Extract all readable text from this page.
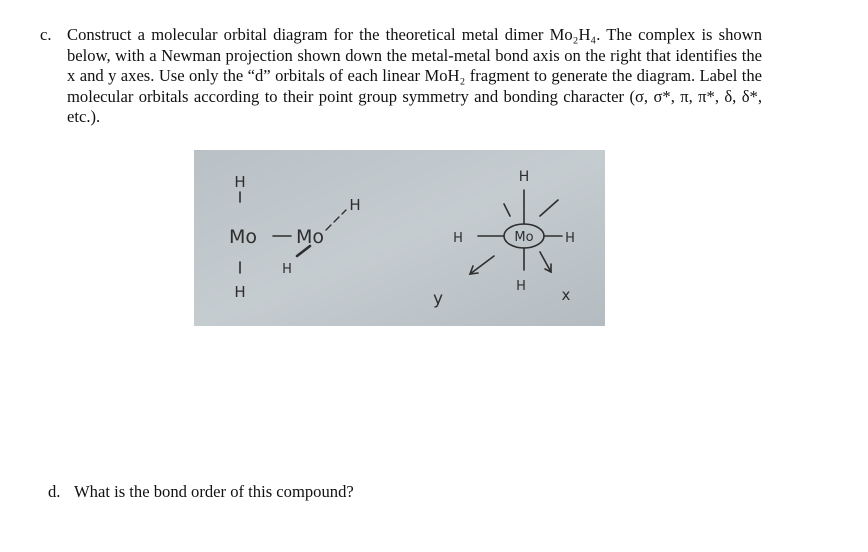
c. Construct a molecular orbital diagram for the theoretical metal dimer Mo₂H₄. The complex is shown below, with a Newman projection shown down the metal-metal bond axis on the right that identifies the x and y axes. Use only the “d” orbitals of each linear MoH₂ fragment to generate the diagram. Label the molecular orbitals according to their point group symmetry and bonding character (σ, σ*, π, π*, δ, δ*, etc.).
H
Mo Mo
H
H
H
H
H	Mo H
H
y	x
d. What is the bond order of this compound?
